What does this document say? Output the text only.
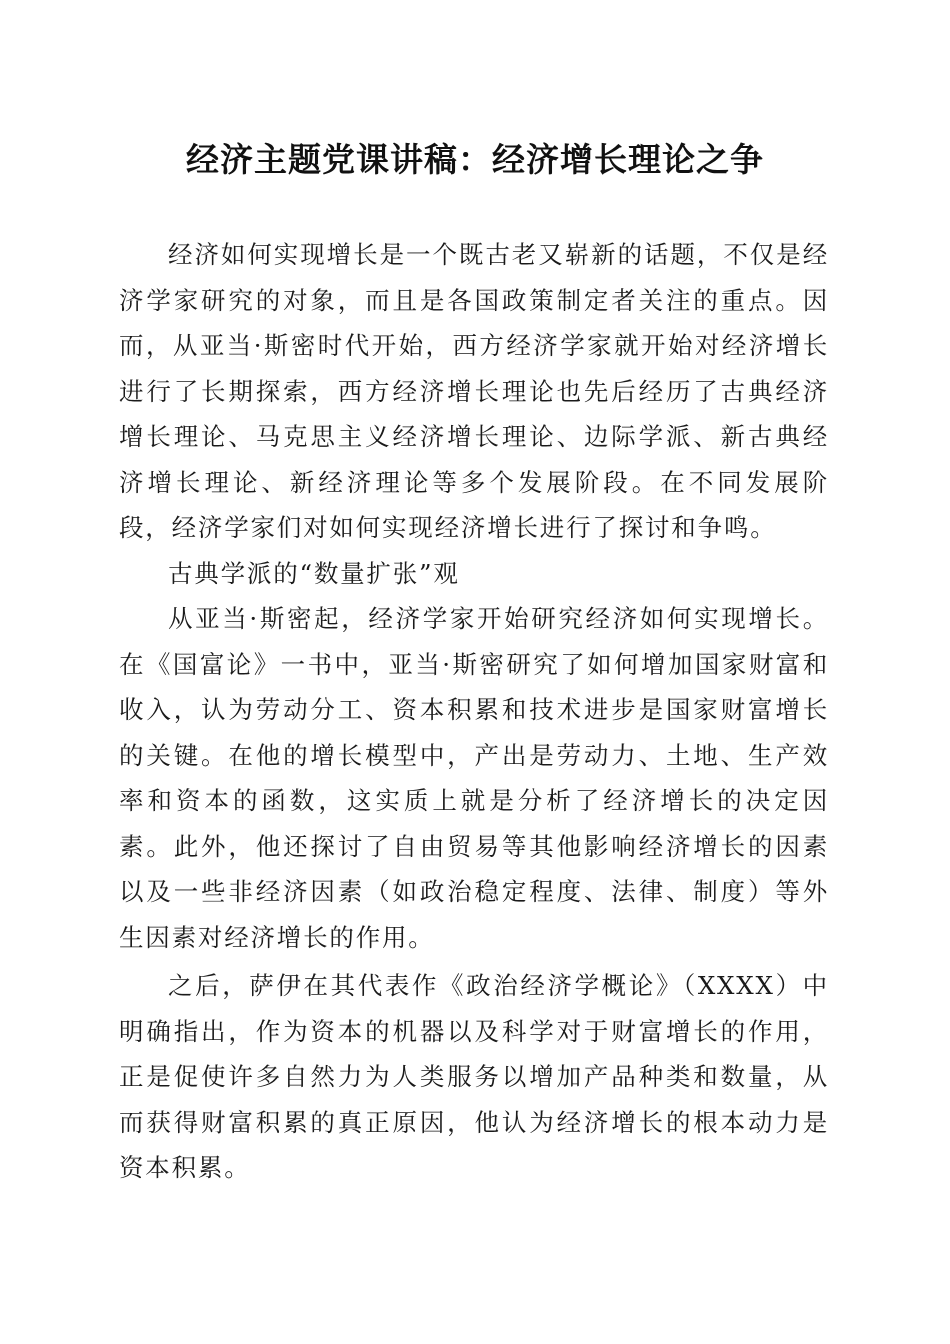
经济主题党课讲稿：经济增长理论之争

经济如何实现增长是一个既古老又崭新的话题，不仅是经济学家研究的对象，而且是各国政策制定者关注的重点。因而，从亚当·斯密时代开始，西方经济学家就开始对经济增长进行了长期探索，西方经济增长理论也先后经历了古典经济增长理论、马克思主义经济增长理论、边际学派、新古典经济增长理论、新经济理论等多个发展阶段。在不同发展阶段，经济学家们对如何实现经济增长进行了探讨和争鸣。

古典学派的“数量扩张”观

从亚当·斯密起，经济学家开始研究经济如何实现增长。在《国富论》一书中，亚当·斯密研究了如何增加国家财富和收入，认为劳动分工、资本积累和技术进步是国家财富增长的关键。在他的增长模型中，产出是劳动力、土地、生产效率和资本的函数，这实质上就是分析了经济增长的决定因素。此外，他还探讨了自由贸易等其他影响经济增长的因素以及一些非经济因素（如政治稳定程度、法律、制度）等外生因素对经济增长的作用。

之后，萨伊在其代表作《政治经济学概论》（XXXX）中明确指出，作为资本的机器以及科学对于财富增长的作用，正是促使许多自然力为人类服务以增加产品种类和数量，从而获得财富积累的真正原因，他认为经济增长的根本动力是资本积累。
